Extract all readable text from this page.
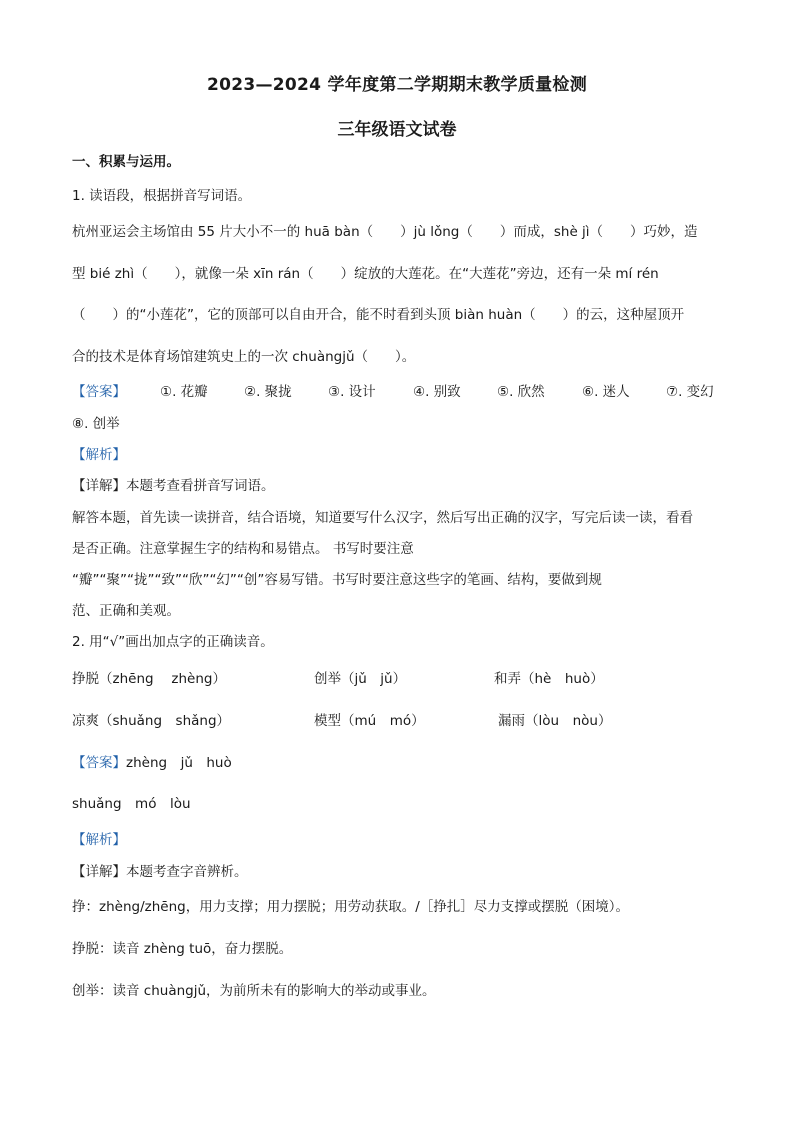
2023—2024 学年度第二学期期末教学质量检测
三年级语文试卷
一、积累与运用。
1. 读语段，根据拼音写词语。
杭州亚运会主场馆由 55 片大小不一的 huā bàn（　　）jù lǒng（　　）而成，shè jì（　　）巧妙，造
型 bié zhì（　　），就像一朵 xīn rán（　　）绽放的大莲花。在“大莲花”旁边，还有一朵 mí rén
（　　）的“小莲花”，它的顶部可以自由开合，能不时看到头顶 biàn huàn（　　）的云，这种屋顶开
合的技术是体育场馆建筑史上的一次 chuàngjǔ（　　）。
【答案】	①. 花瓣	②. 聚拢	③. 设计	④. 别致	⑤. 欣然	⑥. 迷人	⑦. 变幻
⑧. 创举
【解析】
【详解】本题考查看拼音写词语。
解答本题，首先读一读拼音，结合语境，知道要写什么汉字，然后写出正确的汉字，写完后读一读，看看
是否正确。注意掌握生字的结构和易错点。 书写时要注意
“瓣”“聚”“拢”“致”“欣”“幻”“创”容易写错。书写时要注意这些字的笔画、结构，要做到规
范、正确和美观。
2. 用“√”画出加点字的正确读音。
挣脱（zhēng　 zhèng）	创举（jǔ　jǔ）	和弄（hè　huò）
凉爽（shuǎng　shǎng）	模型（mú　mó）	漏雨（lòu　nòu）
【答案】zhèng　jǔ　huò
shuǎng　mó　lòu
【解析】
【详解】本题考查字音辨析。
挣：zhèng/zhēng，用力支撑；用力摆脱；用劳动获取。/［挣扎］尽力支撑或摆脱（困境）。
挣脱：读音 zhèng tuō，奋力摆脱。
创举：读音 chuàngjǔ，为前所未有的影响大的举动或事业。
